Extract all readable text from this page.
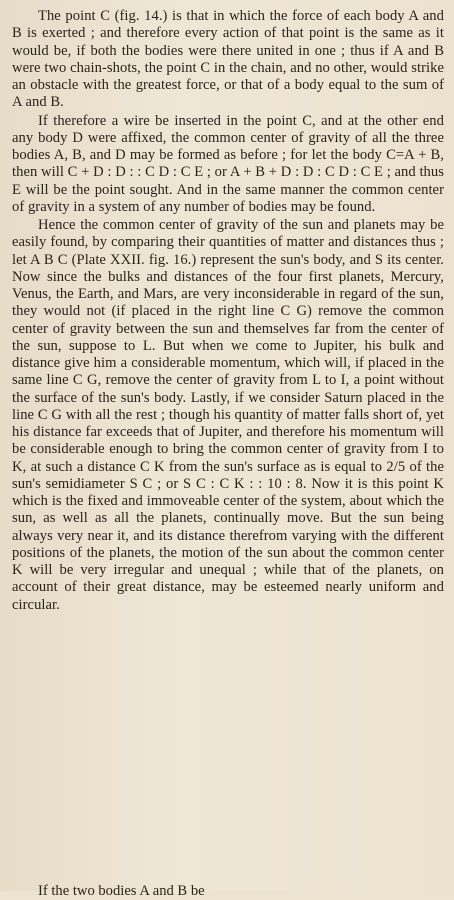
The point C (fig. 14.) is that in which the force of each body A and B is exerted ; and therefore every action of that point is the same as it would be, if both the bodies were there united in one ; thus if A and B were two chain-shots, the point C in the chain, and no other, would strike an obstacle with the greatest force, or that of a body equal to the sum of A and B.

If therefore a wire be inserted in the point C, and at the other end any body D were affixed, the common center of gravity of all the three bodies A, B, and D may be formed as before ; for let the body C=A + B, then will C + D : D : : C D : C E ; or A + B + D : D : C D : C E ; and thus E will be the point sought. And in the same manner the common center of gravity in a system of any number of bodies may be found.

Hence the common center of gravity of the sun and planets may be easily found, by comparing their quantities of matter and distances thus ; let A B C (Plate XXII. fig. 16.) represent the sun's body, and S its center. Now since the bulks and distances of the four first planets, Mercury, Venus, the Earth, and Mars, are very inconsiderable in regard of the sun, they would not (if placed in the right line C G) remove the common center of gravity between the sun and themselves far from the center of the sun, suppose to L. But when we come to Jupiter, his bulk and distance give him a considerable momentum, which will, if placed in the same line C G, remove the center of gravity from L to I, a point without the surface of the sun's body. Lastly, if we consider Saturn placed in the line C G with all the rest ; though his quantity of matter falls short of, yet his distance far exceeds that of Jupiter, and therefore his momentum will be considerable enough to bring the common center of gravity from I to K, at such a distance C K from the sun's surface as is equal to 2/5 of the sun's semidiameter S C ; or S C : C K : : 10 : 8. Now it is this point K which is the fixed and immoveable center of the system, about which the sun, as well as all the planets, continually move. But the sun being always very near it, and its distance therefrom varying with the different positions of the planets, the motion of the sun about the common center K will be very irregular and unequal ; while that of the planets, on account of their great distance, may be esteemed nearly uniform and circular.

If the two bodies A and B be
